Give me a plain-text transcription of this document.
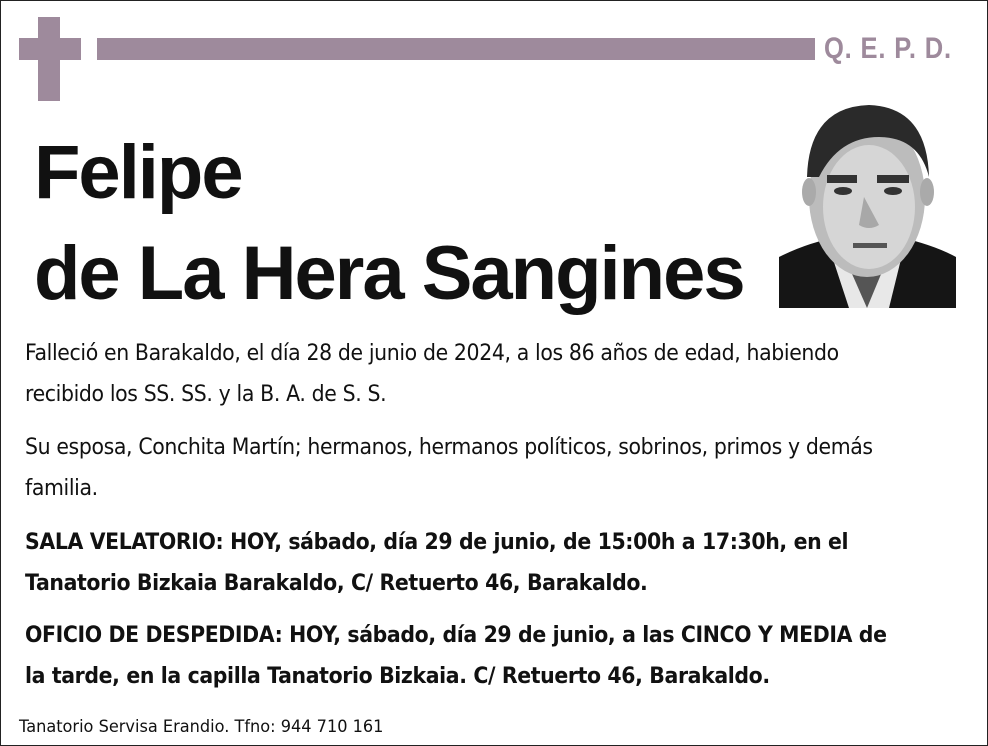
Q. E. P. D.
Felipe
de La Hera Sangines
Falleció en Barakaldo, el día 28 de junio de 2024, a los 86 años de edad, habiendo recibido los SS. SS. y la B. A. de S. S.
Su esposa, Conchita Martín; hermanos, hermanos políticos, sobrinos, primos y demás familia.
SALA VELATORIO: HOY, sábado, día 29 de junio, de 15:00h a 17:30h, en el Tanatorio Bizkaia Barakaldo, C/ Retuerto 46, Barakaldo.
OFICIO DE DESPEDIDA: HOY, sábado, día 29 de junio, a las CINCO Y MEDIA de la tarde, en la capilla Tanatorio Bizkaia. C/ Retuerto 46, Barakaldo.
Tanatorio Servisa Erandio. Tfno: 944 710 161
